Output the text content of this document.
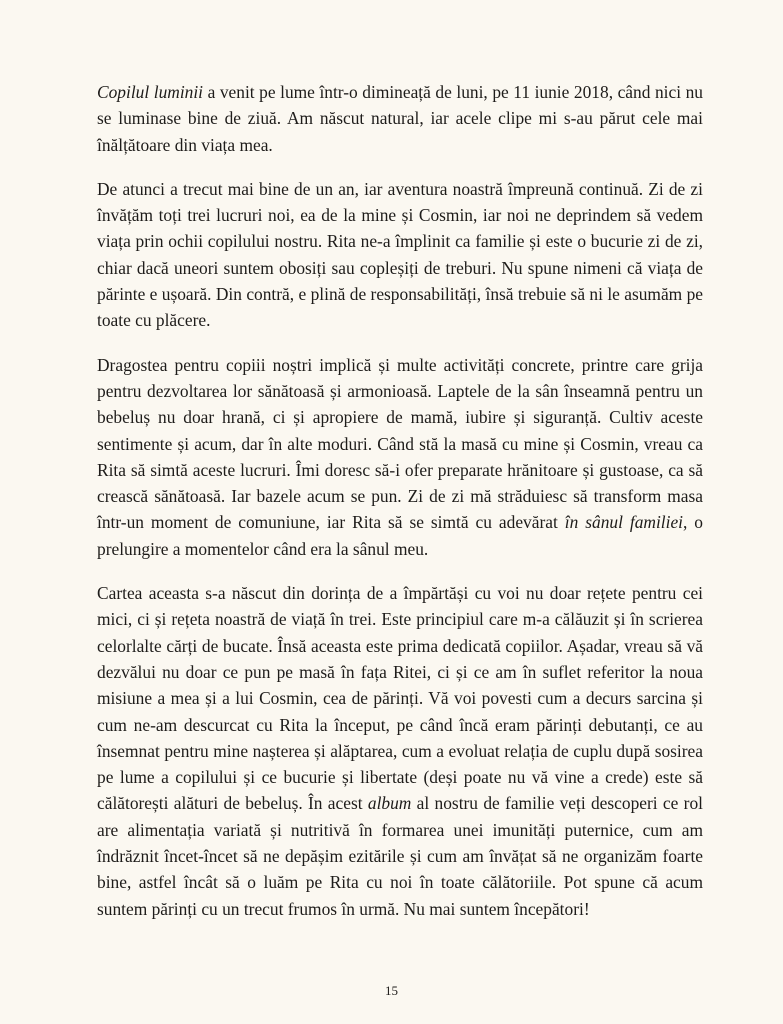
Copilul luminii a venit pe lume într-o dimineață de luni, pe 11 iunie 2018, când nici nu se luminase bine de ziuă. Am născut natural, iar acele clipe mi s-au părut cele mai înălțătoare din viața mea.

De atunci a trecut mai bine de un an, iar aventura noastră împreună continuă. Zi de zi învățăm toți trei lucruri noi, ea de la mine și Cosmin, iar noi ne deprindem să vedem viața prin ochii copilului nostru. Rita ne-a împlinit ca familie și este o bucurie zi de zi, chiar dacă uneori suntem obosiți sau copleșiți de treburi. Nu spune nimeni că viața de părinte e ușoară. Din contră, e plină de responsabilități, însă trebuie să ni le asumăm pe toate cu plăcere.

Dragostea pentru copiii noștri implică și multe activități concrete, printre care grija pentru dezvoltarea lor sănătoasă și armonioasă. Laptele de la sân înseamnă pentru un bebeluș nu doar hrană, ci și apropiere de mamă, iubire și siguranță. Cultiv aceste sentimente și acum, dar în alte moduri. Când stă la masă cu mine și Cosmin, vreau ca Rita să simtă aceste lucruri. Îmi doresc să-i ofer preparate hrănitoare și gustoase, ca să crească sănătoasă. Iar bazele acum se pun. Zi de zi mă străduiesc să transform masa într-un moment de comuniune, iar Rita să se simtă cu adevărat în sânul familiei, o prelungire a momentelor când era la sânul meu.

Cartea aceasta s-a născut din dorința de a împărtăși cu voi nu doar rețete pentru cei mici, ci și rețeta noastră de viață în trei. Este principiul care m-a călăuzit și în scrierea celorlalte cărți de bucate. Însă aceasta este prima dedicată copiilor. Așadar, vreau să vă dezvălui nu doar ce pun pe masă în fața Ritei, ci și ce am în suflet referitor la noua misiune a mea și a lui Cosmin, cea de părinți. Vă voi povesti cum a decurs sarcina și cum ne-am descurcat cu Rita la început, pe când încă eram părinți debutanți, ce au însemnat pentru mine nașterea și alăptarea, cum a evoluat relația de cuplu după sosirea pe lume a copilului și ce bucurie și libertate (deși poate nu vă vine a crede) este să călătorești alături de bebeluș. În acest album al nostru de familie veți descoperi ce rol are alimentația variată și nutritivă în formarea unei imunități puternice, cum am îndrăznit încet-încet să ne depășim ezitările și cum am învățat să ne organizăm foarte bine, astfel încât să o luăm pe Rita cu noi în toate călătoriile. Pot spune că acum suntem părinți cu un trecut frumos în urmă. Nu mai suntem începători!

15
